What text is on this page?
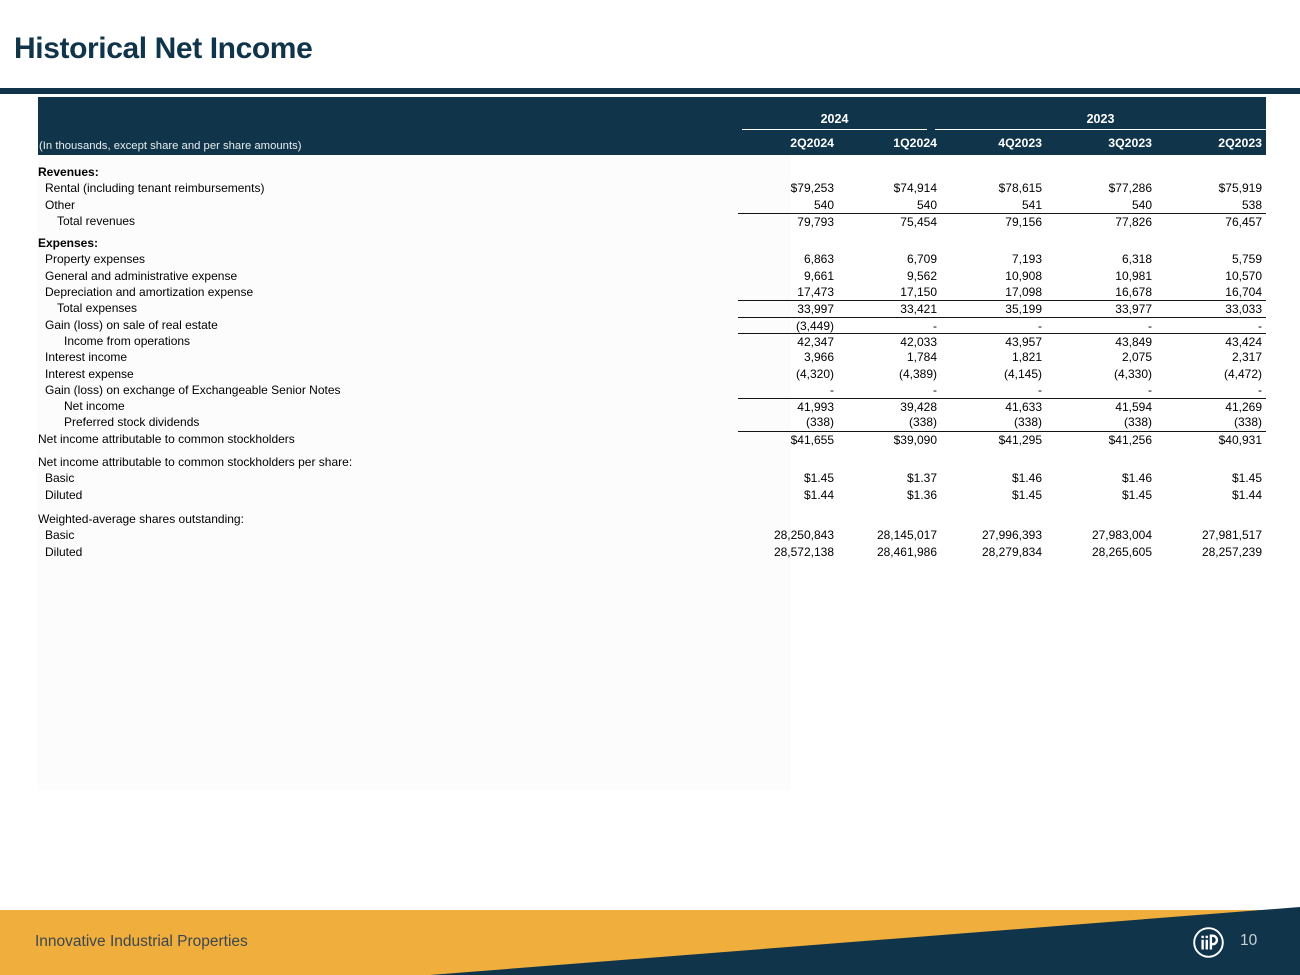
Historical Net Income
2024	2023
2Q2024	1Q2024	4Q2023	3Q2023	2Q2023
(In thousands, except share and per share amounts)
Revenues:
Rental (including tenant reimbursements)	$79,253	$74,914	$78,615	$77,286	$75,919
Other	540	540	541	540	538
Total revenues	79,793	75,454	79,156	77,826	76,457
Expenses:
Property expenses	6,863	6,709	7,193	6,318	5,759
General and administrative expense	9,661	9,562	10,908	10,981	10,570
Depreciation and amortization expense	17,473	17,150	17,098	16,678	16,704
Total expenses	33,997	33,421	35,199	33,977	33,033
Gain (loss) on sale of real estate	(3,449)	-	-	-	-
Income from operations	42,347	42,033	43,957	43,849	43,424
Interest income	3,966	1,784	1,821	2,075	2,317
Interest expense	(4,320)	(4,389)	(4,145)	(4,330)	(4,472)
Gain (loss) on exchange of Exchangeable Senior Notes	-	-	-	-	-
Net income	41,993	39,428	41,633	41,594	41,269
Preferred stock dividends	(338)	(338)	(338)	(338)	(338)
Net income attributable to common stockholders	$41,655	$39,090	$41,295	$41,256	$40,931
Net income attributable to common stockholders per share:
Basic	$1.45	$1.37	$1.46	$1.46	$1.45
Diluted	$1.44	$1.36	$1.45	$1.45	$1.44
Weighted-average shares outstanding:
Basic	28,250,843	28,145,017	27,996,393	27,983,004	27,981,517
Diluted	28,572,138	28,461,986	28,279,834	28,265,605	28,257,239
Innovative Industrial Properties	10
